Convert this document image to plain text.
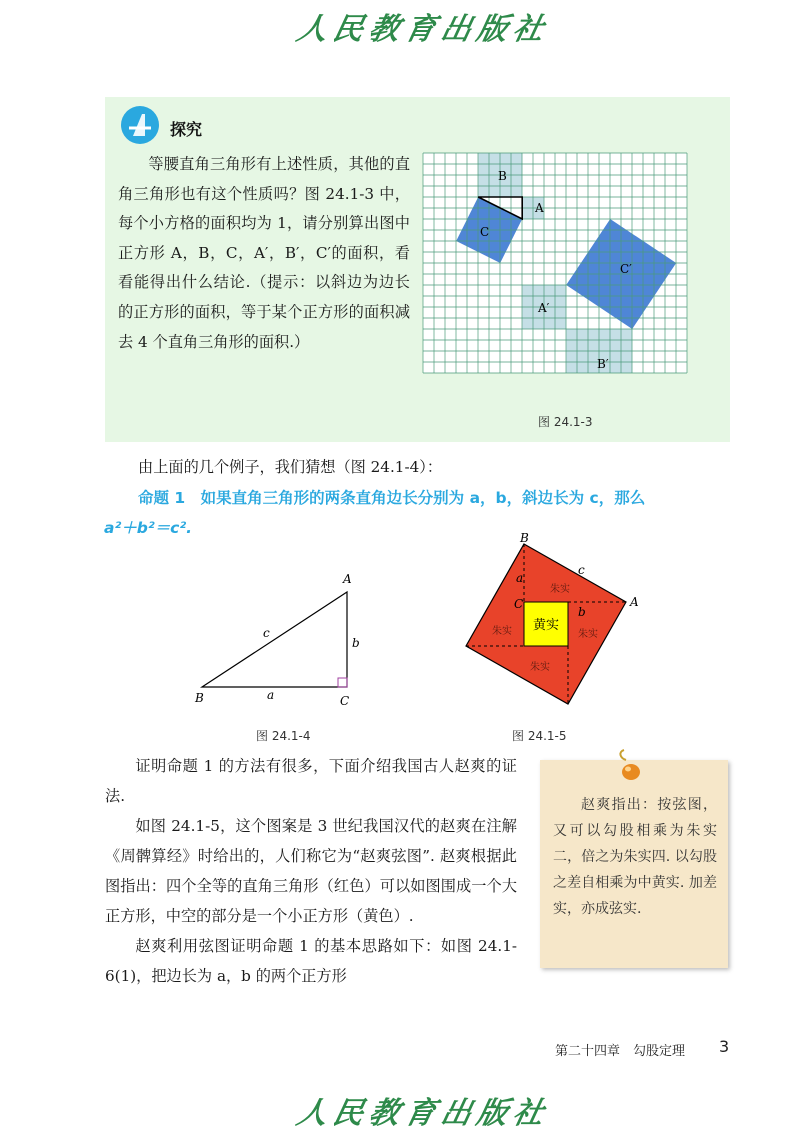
人民教育出版社
探究

等腰直角三角形有上述性质，其他的直角三角形也有这个性质吗？图 24.1-3 中，每个小方格的面积均为 1，请分别算出图中正方形 A，B，C，A′，B′，C′的面积，看看能得出什么结论.（提示：以斜边为边长的正方形的面积，等于某个正方形的面积减去 4 个直角三角形的面积.）

B
A
C
C′
A′
B′
图 24.1-3
由上面的几个例子，我们猜想（图 24.1-4）：
命题 1　如果直角三角形的两条直角边长分别为 a，b，斜边长为 c，那么
a²＋b²＝c².
A
B	C
a
b
c
图 24.1-4
B
A
C
a
b
c
黄实
朱实
朱实
朱实
朱实
图 24.1-5

证明命题 1 的方法有很多，下面介绍我国古人赵爽的证法.

如图 24.1-5，这个图案是 3 世纪我国汉代的赵爽在注解《周髀算经》时给出的，人们称它为“赵爽弦图”. 赵爽根据此图指出：四个全等的直角三角形（红色）可以如图围成一个大正方形，中空的部分是一个小正方形（黄色）.

赵爽利用弦图证明命题 1 的基本思路如下：如图 24.1-6(1)，把边长为 a，b 的两个正方形

赵爽指出：按弦图，又可以勾股相乘为朱实二，倍之为朱实四. 以勾股之差自相乘为中黄实. 加差实，亦成弦实.

第二十四章　勾股定理 3
人民教育出版社
